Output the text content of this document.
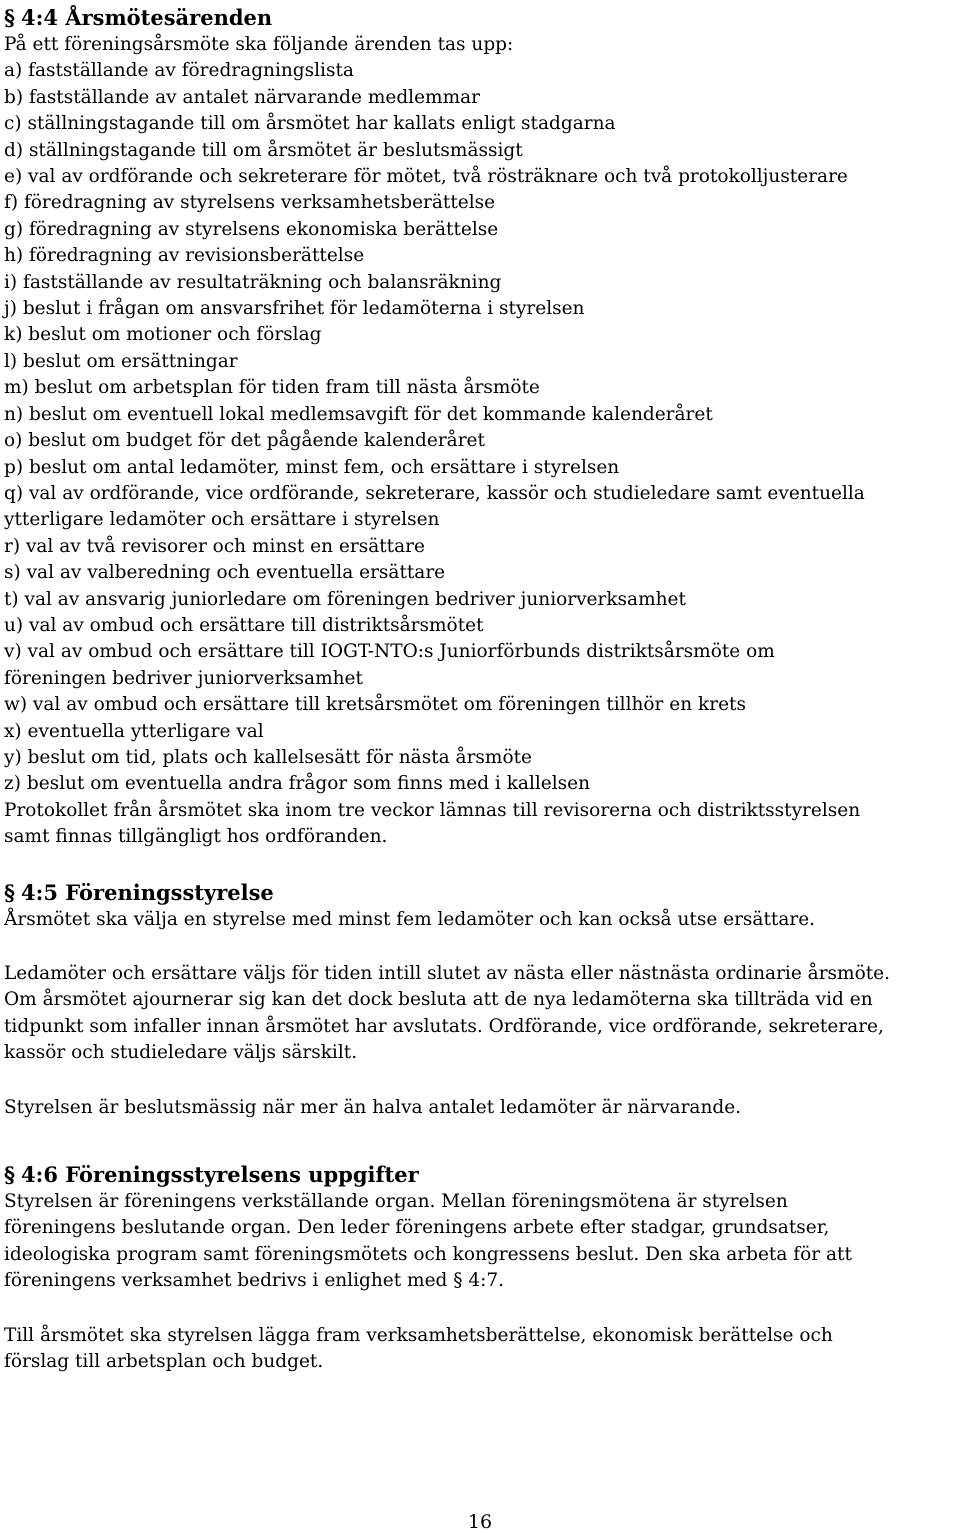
§ 4:4 Årsmötesärenden
På ett föreningsårsmöte ska följande ärenden tas upp:
a) fastställande av föredragningslista
b) fastställande av antalet närvarande medlemmar
c) ställningstagande till om årsmötet har kallats enligt stadgarna
d) ställningstagande till om årsmötet är beslutsmässigt
e) val av ordförande och sekreterare för mötet, två rösträknare och två protokolljusterare
f) föredragning av styrelsens verksamhetsberättelse
g) föredragning av styrelsens ekonomiska berättelse
h) föredragning av revisionsberättelse
i) fastställande av resultaträkning och balansräkning
j) beslut i frågan om ansvarsfrihet för ledamöterna i styrelsen
k) beslut om motioner och förslag
l) beslut om ersättningar
m) beslut om arbetsplan för tiden fram till nästa årsmöte
n) beslut om eventuell lokal medlemsavgift för det kommande kalenderåret
o) beslut om budget för det pågående kalenderåret
p) beslut om antal ledamöter, minst fem, och ersättare i styrelsen
q) val av ordförande, vice ordförande, sekreterare, kassör och studieledare samt eventuella
ytterligare ledamöter och ersättare i styrelsen
r) val av två revisorer och minst en ersättare
s) val av valberedning och eventuella ersättare
t) val av ansvarig juniorledare om föreningen bedriver juniorverksamhet
u) val av ombud och ersättare till distriktsårsmötet
v) val av ombud och ersättare till IOGT-NTO:s Juniorförbunds distriktsårsmöte om
föreningen bedriver juniorverksamhet
w) val av ombud och ersättare till kretsårsmötet om föreningen tillhör en krets
x) eventuella ytterligare val
y) beslut om tid, plats och kallelsesätt för nästa årsmöte
z) beslut om eventuella andra frågor som finns med i kallelsen
Protokollet från årsmötet ska inom tre veckor lämnas till revisorerna och distriktsstyrelsen
samt finnas tillgängligt hos ordföranden.
§ 4:5 Föreningsstyrelse
Årsmötet ska välja en styrelse med minst fem ledamöter och kan också utse ersättare.
Ledamöter och ersättare väljs för tiden intill slutet av nästa eller nästnästa ordinarie årsmöte.
Om årsmötet ajournerar sig kan det dock besluta att de nya ledamöterna ska tillträda vid en
tidpunkt som infaller innan årsmötet har avslutats. Ordförande, vice ordförande, sekreterare,
kassör och studieledare väljs särskilt.
Styrelsen är beslutsmässig när mer än halva antalet ledamöter är närvarande.
§ 4:6 Föreningsstyrelsens uppgifter
Styrelsen är föreningens verkställande organ. Mellan föreningsmötena är styrelsen
föreningens beslutande organ. Den leder föreningens arbete efter stadgar, grundsatser,
ideologiska program samt föreningsmötets och kongressens beslut. Den ska arbeta för att
föreningens verksamhet bedrivs i enlighet med § 4:7.
Till årsmötet ska styrelsen lägga fram verksamhetsberättelse, ekonomisk berättelse och
förslag till arbetsplan och budget.
16
